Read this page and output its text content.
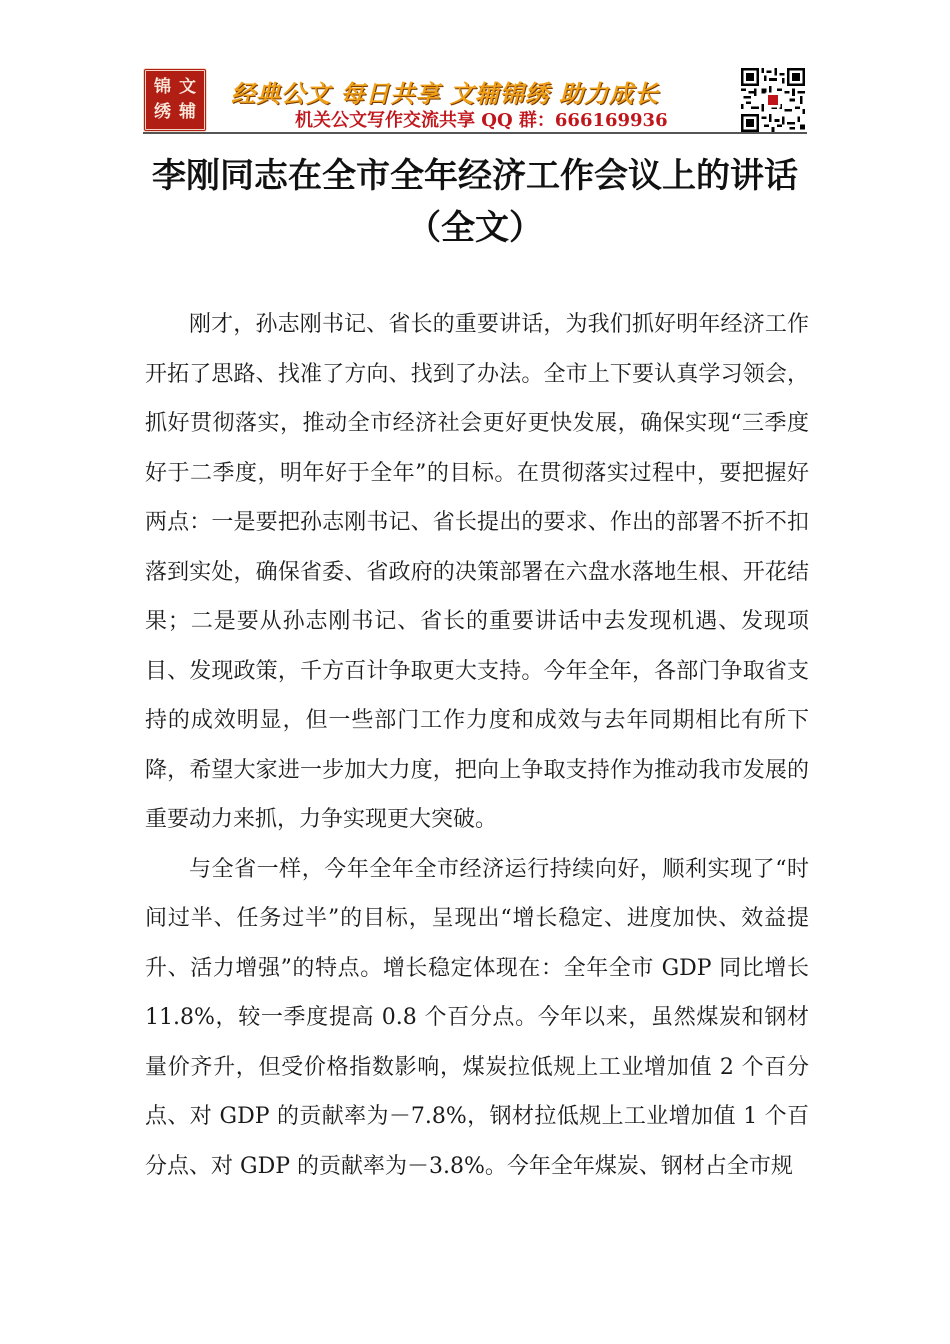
锦 文
绣 辅
经典公文 每日共享 文辅锦绣 助力成长
机关公文写作交流共享 QQ 群：666169936
李刚同志在全市全年经济工作会议上的讲话（全文）

刚才，孙志刚书记、省长的重要讲话，为我们抓好明年经济工作开拓了思路、找准了方向、找到了办法。全市上下要认真学习领会，抓好贯彻落实，推动全市经济社会更好更快发展，确保实现“三季度好于二季度，明年好于全年”的目标。在贯彻落实过程中，要把握好两点：一是要把孙志刚书记、省长提出的要求、作出的部署不折不扣落到实处，确保省委、省政府的决策部署在六盘水落地生根、开花结果；二是要从孙志刚书记、省长的重要讲话中去发现机遇、发现项目、发现政策，千方百计争取更大支持。今年全年，各部门争取省支持的成效明显，但一些部门工作力度和成效与去年同期相比有所下降，希望大家进一步加大力度，把向上争取支持作为推动我市发展的重要动力来抓，力争实现更大突破。

与全省一样，今年全年全市经济运行持续向好，顺利实现了“时间过半、任务过半”的目标，呈现出“增长稳定、进度加快、效益提升、活力增强”的特点。增长稳定体现在：全年全市 GDP 同比增长 11.8%，较一季度提高 0.8 个百分点。今年以来，虽然煤炭和钢材量价齐升，但受价格指数影响，煤炭拉低规上工业增加值 2 个百分点、对 GDP 的贡献率为－7.8%，钢材拉低规上工业增加值 1 个百分点、对 GDP 的贡献率为－3.8%。今年全年煤炭、钢材占全市规
